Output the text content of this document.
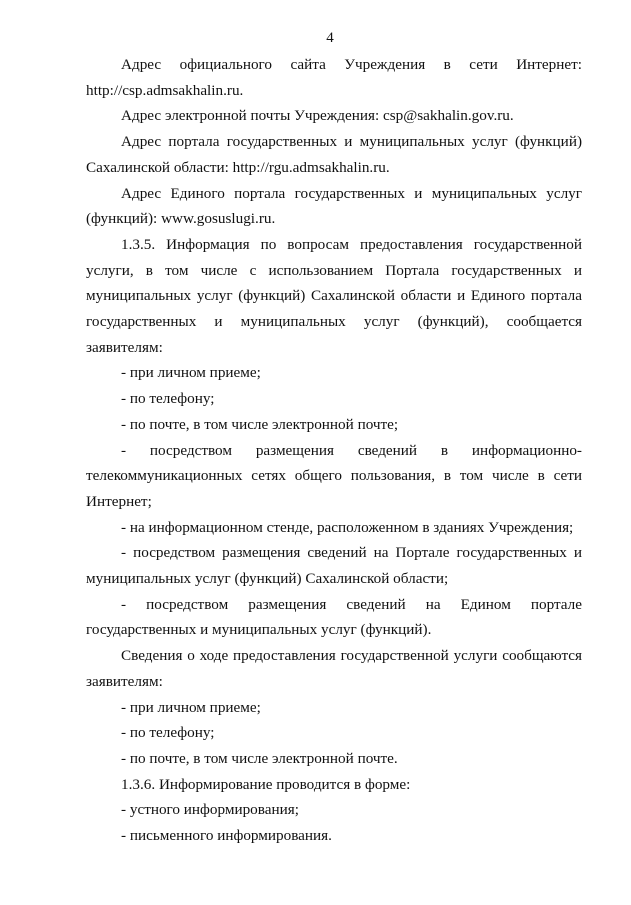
4

Адрес официального сайта Учреждения в сети Интернет:
http://csp.admsakhalin.ru.

Адрес электронной почты Учреждения: csp@sakhalin.gov.ru.

Адрес портала государственных и муниципальных услуг (функций)
Сахалинской области: http://rgu.admsakhalin.ru.

Адрес Единого портала государственных и муниципальных услуг
(функций): www.gosuslugi.ru.

1.3.5. Информация по вопросам предоставления государственной
услуги, в том числе с использованием Портала государственных и
муниципальных услуг (функций) Сахалинской области и Единого портала
государственных и муниципальных услуг (функций), сообщается заявителям:

- при личном приеме;

- по телефону;

- по почте, в том числе электронной почте;

- посредством размещения сведений в информационно-
телекоммуникационных сетях общего пользования, в том числе в сети
Интернет;

- на информационном стенде, расположенном в зданиях Учреждения;

- посредством размещения сведений на Портале государственных и
муниципальных услуг (функций) Сахалинской области;

- посредством размещения сведений на Едином портале
государственных и муниципальных услуг (функций).

Сведения о ходе предоставления государственной услуги сообщаются
заявителям:

- при личном приеме;

- по телефону;

- по почте, в том числе электронной почте.

1.3.6. Информирование проводится в форме:

- устного информирования;

- письменного информирования.
